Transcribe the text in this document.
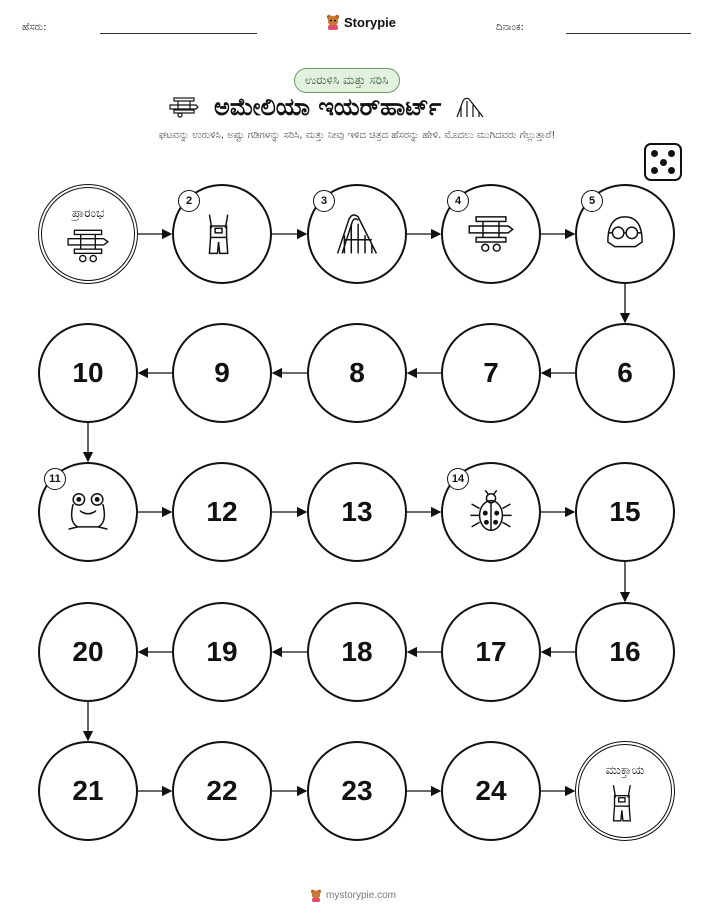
ಹೆಸರು:	Storypie	ದಿನಾಂಕ:
ಉರುಳಿಸಿ ಮತ್ತು ಸರಿಸಿ
ಅಮೇಲಿಯಾ ಇಯರ್‌ಹಾರ್ಟ್
ಘಟವನ್ನು ಉರುಳಿಸಿ, ಅಷ್ಟು ಗಡಿಗಳನ್ನು ಸರಿಸಿ, ಮತ್ತು ನೀವು ಇಳಿದ ಚಿತ್ರದ ಹೆಸರನ್ನು ಹೇಳಿ. ಮೊದಲು ಮುಗಿದವರು ಗೆಲ್ಲುತ್ತಾರೆ!
ಪ್ರಾರಂಭ
2	3	4	5
6
7
8
9
10
11
12	13
14
15
16
17
18
19
20
21	22	23	24
ಮುಕ್ತಾಯ
mystorypie.com
